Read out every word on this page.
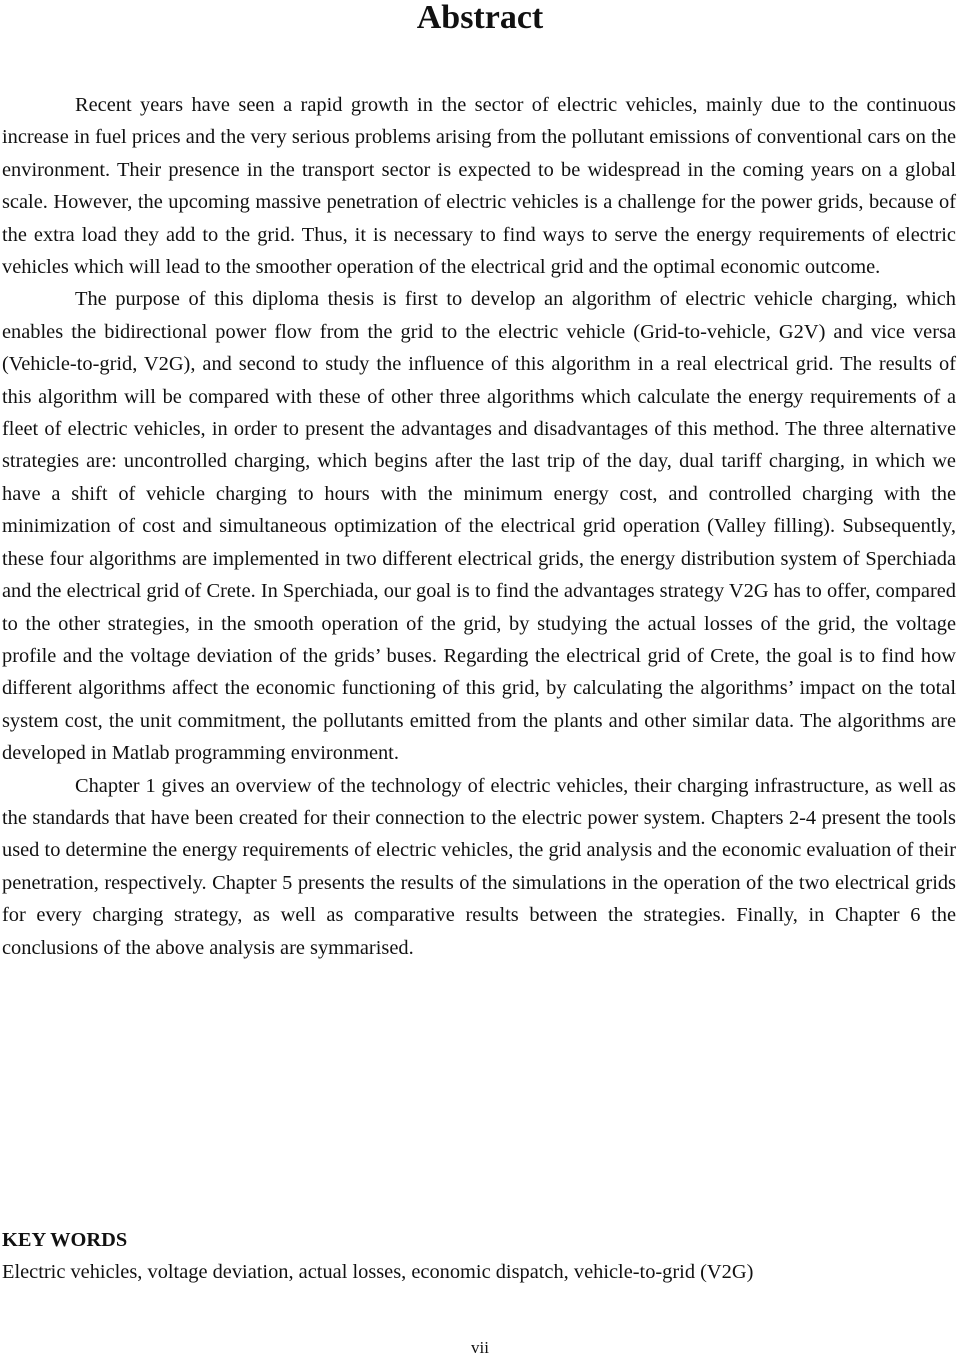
Abstract

Recent years have seen a rapid growth in the sector of electric vehicles, mainly due to the continuous increase in fuel prices and the very serious problems arising from the pollutant emissions of conventional cars on the environment. Their presence in the transport sector is expected to be widespread in the coming years on a global scale. However, the upcoming massive penetration of electric vehicles is a challenge for the power grids, because of the extra load they add to the grid. Thus, it is necessary to find ways to serve the energy requirements of electric vehicles which will lead to the smoother operation of the electrical grid and the optimal economic outcome.

The purpose of this diploma thesis is first to develop an algorithm of electric vehicle charging, which enables the bidirectional power flow from the grid to the electric vehicle (Grid-to-vehicle, G2V) and vice versa (Vehicle-to-grid, V2G), and second to study the influence of this algorithm in a real electrical grid. The results of this algorithm will be compared with these of other three algorithms which calculate the energy requirements of a fleet of electric vehicles, in order to present the advantages and disadvantages of this method. The three alternative strategies are: uncontrolled charging, which begins after the last trip of the day, dual tariff charging, in which we have a shift of vehicle charging to hours with the minimum energy cost, and controlled charging with the minimization of cost and simultaneous optimization of the electrical grid operation (Valley filling). Subsequently, these four algorithms are implemented in two different electrical grids, the energy distribution system of Sperchiada and the electrical grid of Crete. In Sperchiada, our goal is to find the advantages strategy V2G has to offer, compared to the other strategies, in the smooth operation of the grid, by studying the actual losses of the grid, the voltage profile and the voltage deviation of the grids’ buses. Regarding the electrical grid of Crete, the goal is to find how different algorithms affect the economic functioning of this grid, by calculating the algorithms’ impact on the total system cost, the unit commitment, the pollutants emitted from the plants and other similar data. The algorithms are developed in Matlab programming environment.

Chapter 1 gives an overview of the technology of electric vehicles, their charging infrastructure, as well as the standards that have been created for their connection to the electric power system. Chapters 2-4 present the tools used to determine the energy requirements of electric vehicles, the grid analysis and the economic evaluation of their penetration, respectively. Chapter 5 presents the results of the simulations in the operation of the two electrical grids for every charging strategy, as well as comparative results between the strategies. Finally, in Chapter 6 the conclusions of the above analysis are symmarised.

KEY WORDS

Electric vehicles, voltage deviation, actual losses, economic dispatch, vehicle-to-grid (V2G)

vii
